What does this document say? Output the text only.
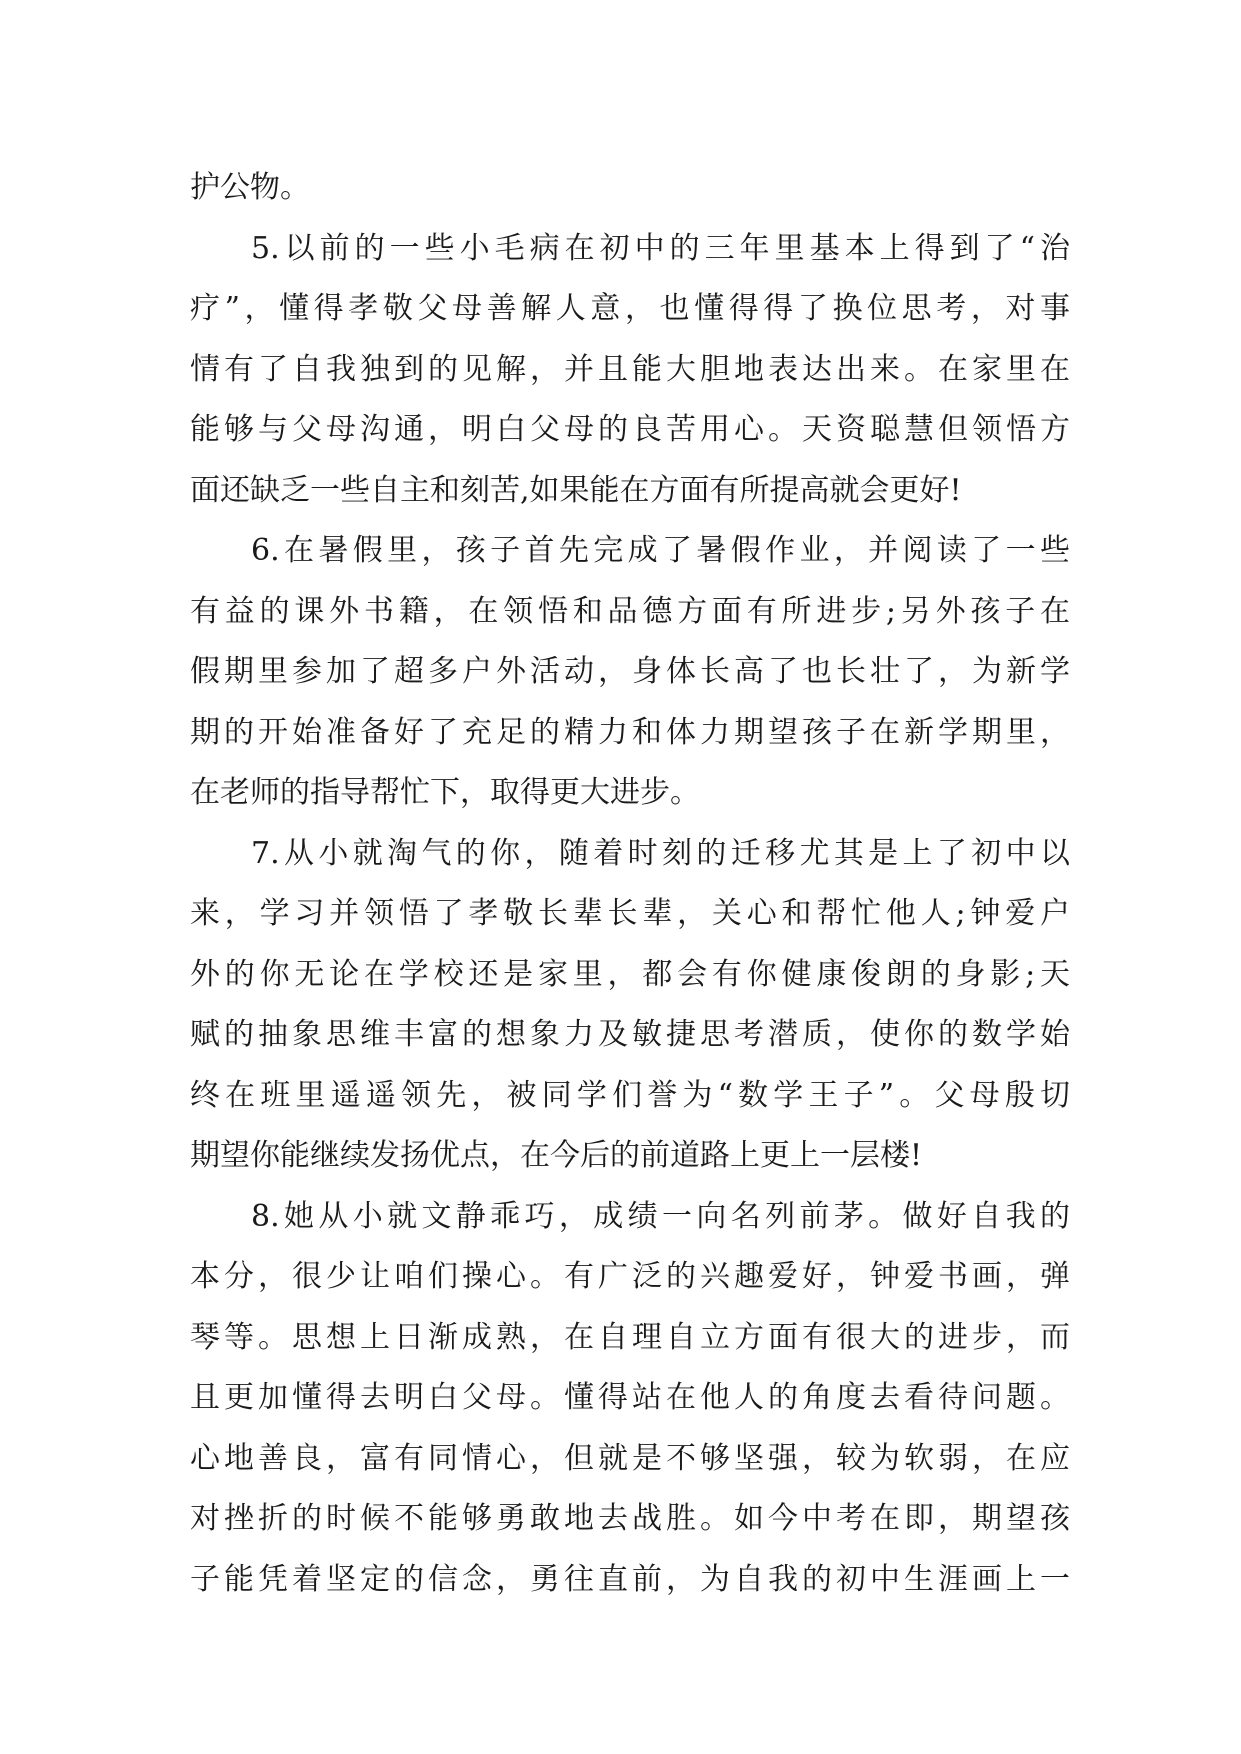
护公物。
5.以前的一些小毛病在初中的三年里基本上得到了“治
疗”，懂得孝敬父母善解人意，也懂得得了换位思考，对事
情有了自我独到的见解，并且能大胆地表达出来。在家里在
能够与父母沟通，明白父母的良苦用心。天资聪慧但领悟方
面还缺乏一些自主和刻苦,如果能在方面有所提高就会更好!
6.在暑假里，孩子首先完成了暑假作业，并阅读了一些
有益的课外书籍，在领悟和品德方面有所进步;另外孩子在
假期里参加了超多户外活动，身体长高了也长壮了，为新学
期的开始准备好了充足的精力和体力期望孩子在新学期里，
在老师的指导帮忙下，取得更大进步。
7.从小就淘气的你，随着时刻的迁移尤其是上了初中以
来，学习并领悟了孝敬长辈长辈，关心和帮忙他人;钟爱户
外的你无论在学校还是家里，都会有你健康俊朗的身影;天
赋的抽象思维丰富的想象力及敏捷思考潜质，使你的数学始
终在班里遥遥领先，被同学们誉为“数学王子”。父母殷切
期望你能继续发扬优点，在今后的前道路上更上一层楼!
8.她从小就文静乖巧，成绩一向名列前茅。做好自我的
本分，很少让咱们操心。有广泛的兴趣爱好，钟爱书画，弹
琴等。思想上日渐成熟，在自理自立方面有很大的进步，而
且更加懂得去明白父母。懂得站在他人的角度去看待问题。
心地善良，富有同情心，但就是不够坚强，较为软弱，在应
对挫折的时候不能够勇敢地去战胜。如今中考在即，期望孩
子能凭着坚定的信念，勇往直前，为自我的初中生涯画上一
